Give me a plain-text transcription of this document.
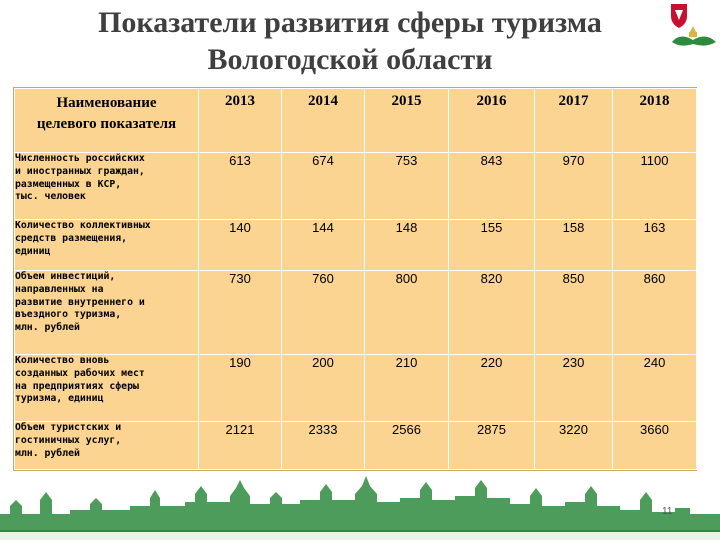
Показатели развития сферы туризма
Вологодской области
Наименование
целевого показателя	2013	2014	2015	2016	2017	2018
Численность российских
и иностранных граждан,
размещенных в КСР,
тыс. человек	613	674	753	843	970	1100
Количество коллективных
средств размещения,
единиц	140	144	148	155	158	163
Объем инвестиций,
направленных на
развитие внутреннего и
въездного туризма,
млн. рублей	730	760	800	820	850	860
Количество вновь
созданных рабочих мест
на предприятиях сферы
туризма, единиц	190	200	210	220	230	240
Объем туристских и
гостиничных услуг,
млн. рублей	2121	2333	2566	2875	3220	3660
11
